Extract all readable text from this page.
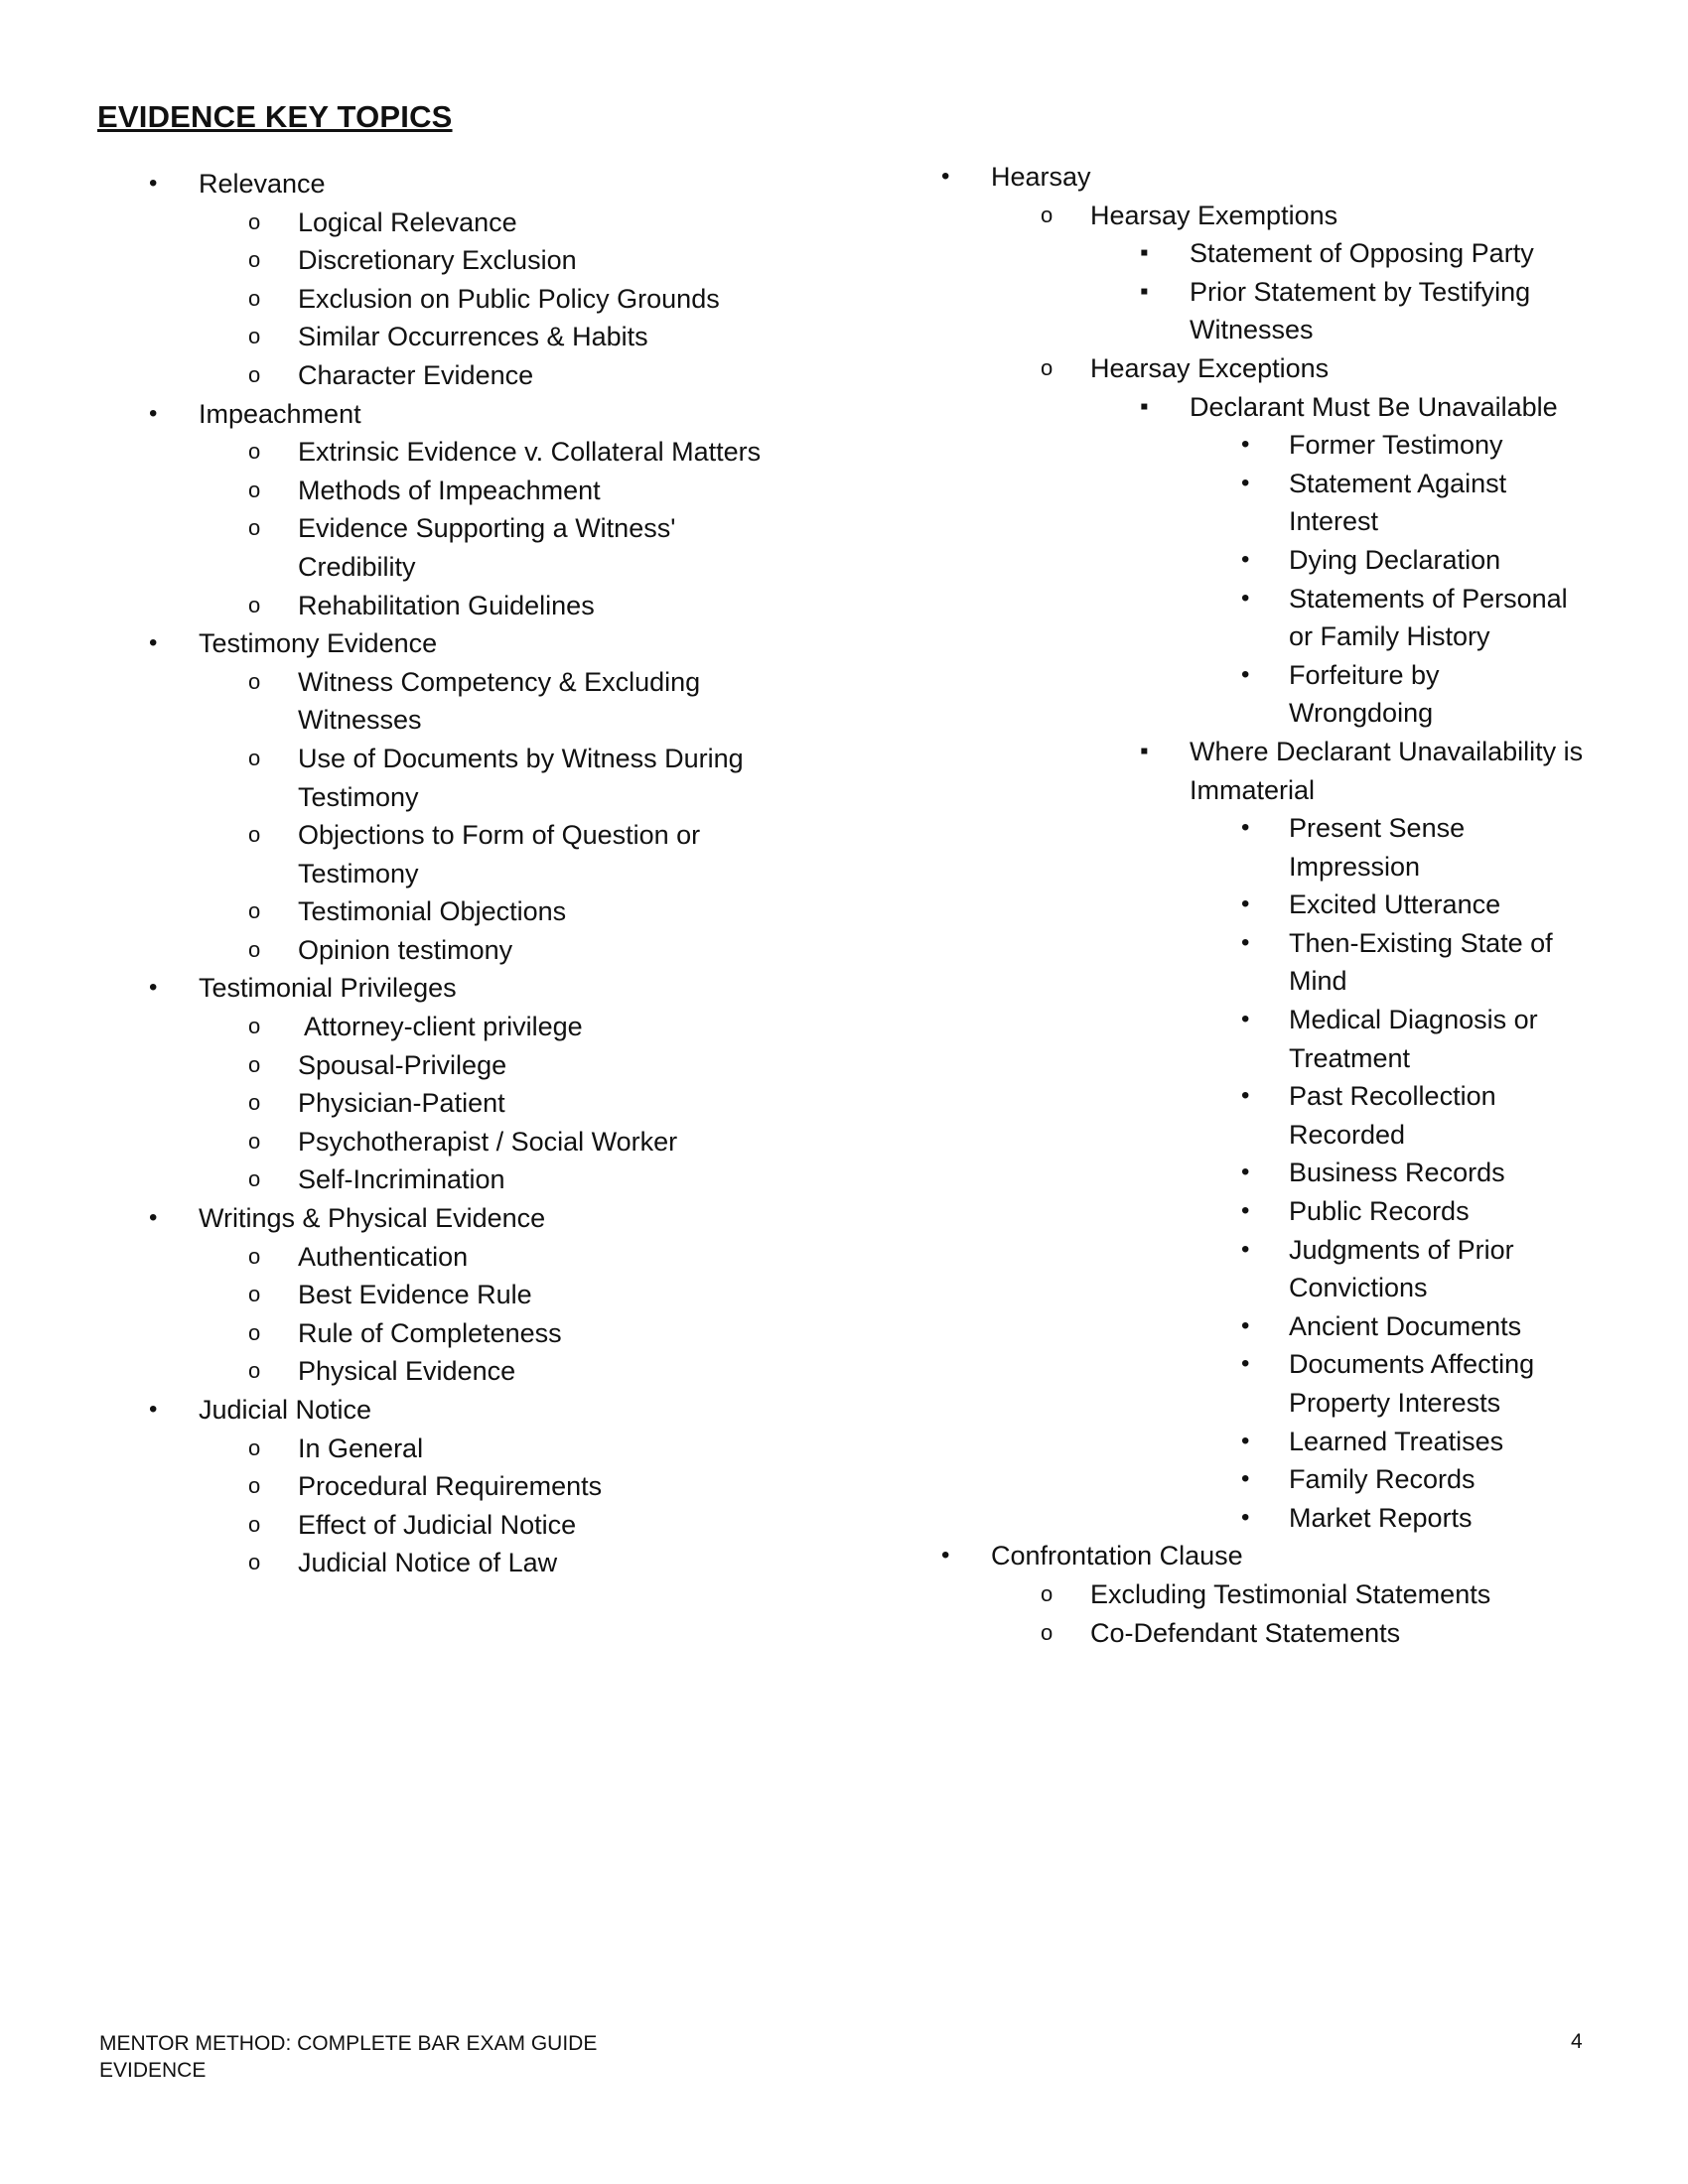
EVIDENCE KEY TOPICS
•
Relevance
o
Logical Relevance
o
Discretionary Exclusion
o
Exclusion on Public Policy Grounds
o
Similar Occurrences & Habits
o
Character Evidence
•
Impeachment
o
Extrinsic Evidence v. Collateral Matters
o
Methods of Impeachment
o
Evidence Supporting a Witness' Credibility
o
Rehabilitation Guidelines
•
Testimony Evidence
o
Witness Competency & Excluding Witnesses
o
Use of Documents by Witness During Testimony
o
Objections to Form of Question or Testimony
o
Testimonial Objections
o
Opinion testimony
•
Testimonial Privileges
o
Attorney-client privilege
o
Spousal-Privilege
o
Physician-Patient
o
Psychotherapist / Social Worker
o
Self-Incrimination
•
Writings & Physical Evidence
o
Authentication
o
Best Evidence Rule
o
Rule of Completeness
o
Physical Evidence
•
Judicial Notice
o
In General
o
Procedural Requirements
o
Effect of Judicial Notice
o
Judicial Notice of Law
•
Hearsay
o
Hearsay Exemptions
▪
Statement of Opposing Party
▪
Prior Statement by Testifying Witnesses
o
Hearsay Exceptions
▪
Declarant Must Be Unavailable
•
Former Testimony
•
Statement Against Interest
•
Dying Declaration
•
Statements of Personal or Family History
•
Forfeiture by Wrongdoing
▪
Where Declarant Unavailability is Immaterial
•
Present Sense Impression
•
Excited Utterance
•
Then-Existing State of Mind
•
Medical Diagnosis or Treatment
•
Past Recollection Recorded
•
Business Records
•
Public Records
•
Judgments of Prior Convictions
•
Ancient Documents
•
Documents Affecting Property Interests
•
Learned Treatises
•
Family Records
•
Market Reports
•
Confrontation Clause
o
Excluding Testimonial Statements
o
Co-Defendant Statements
MENTOR METHOD: COMPLETE BAR EXAM GUIDE
EVIDENCE
4
